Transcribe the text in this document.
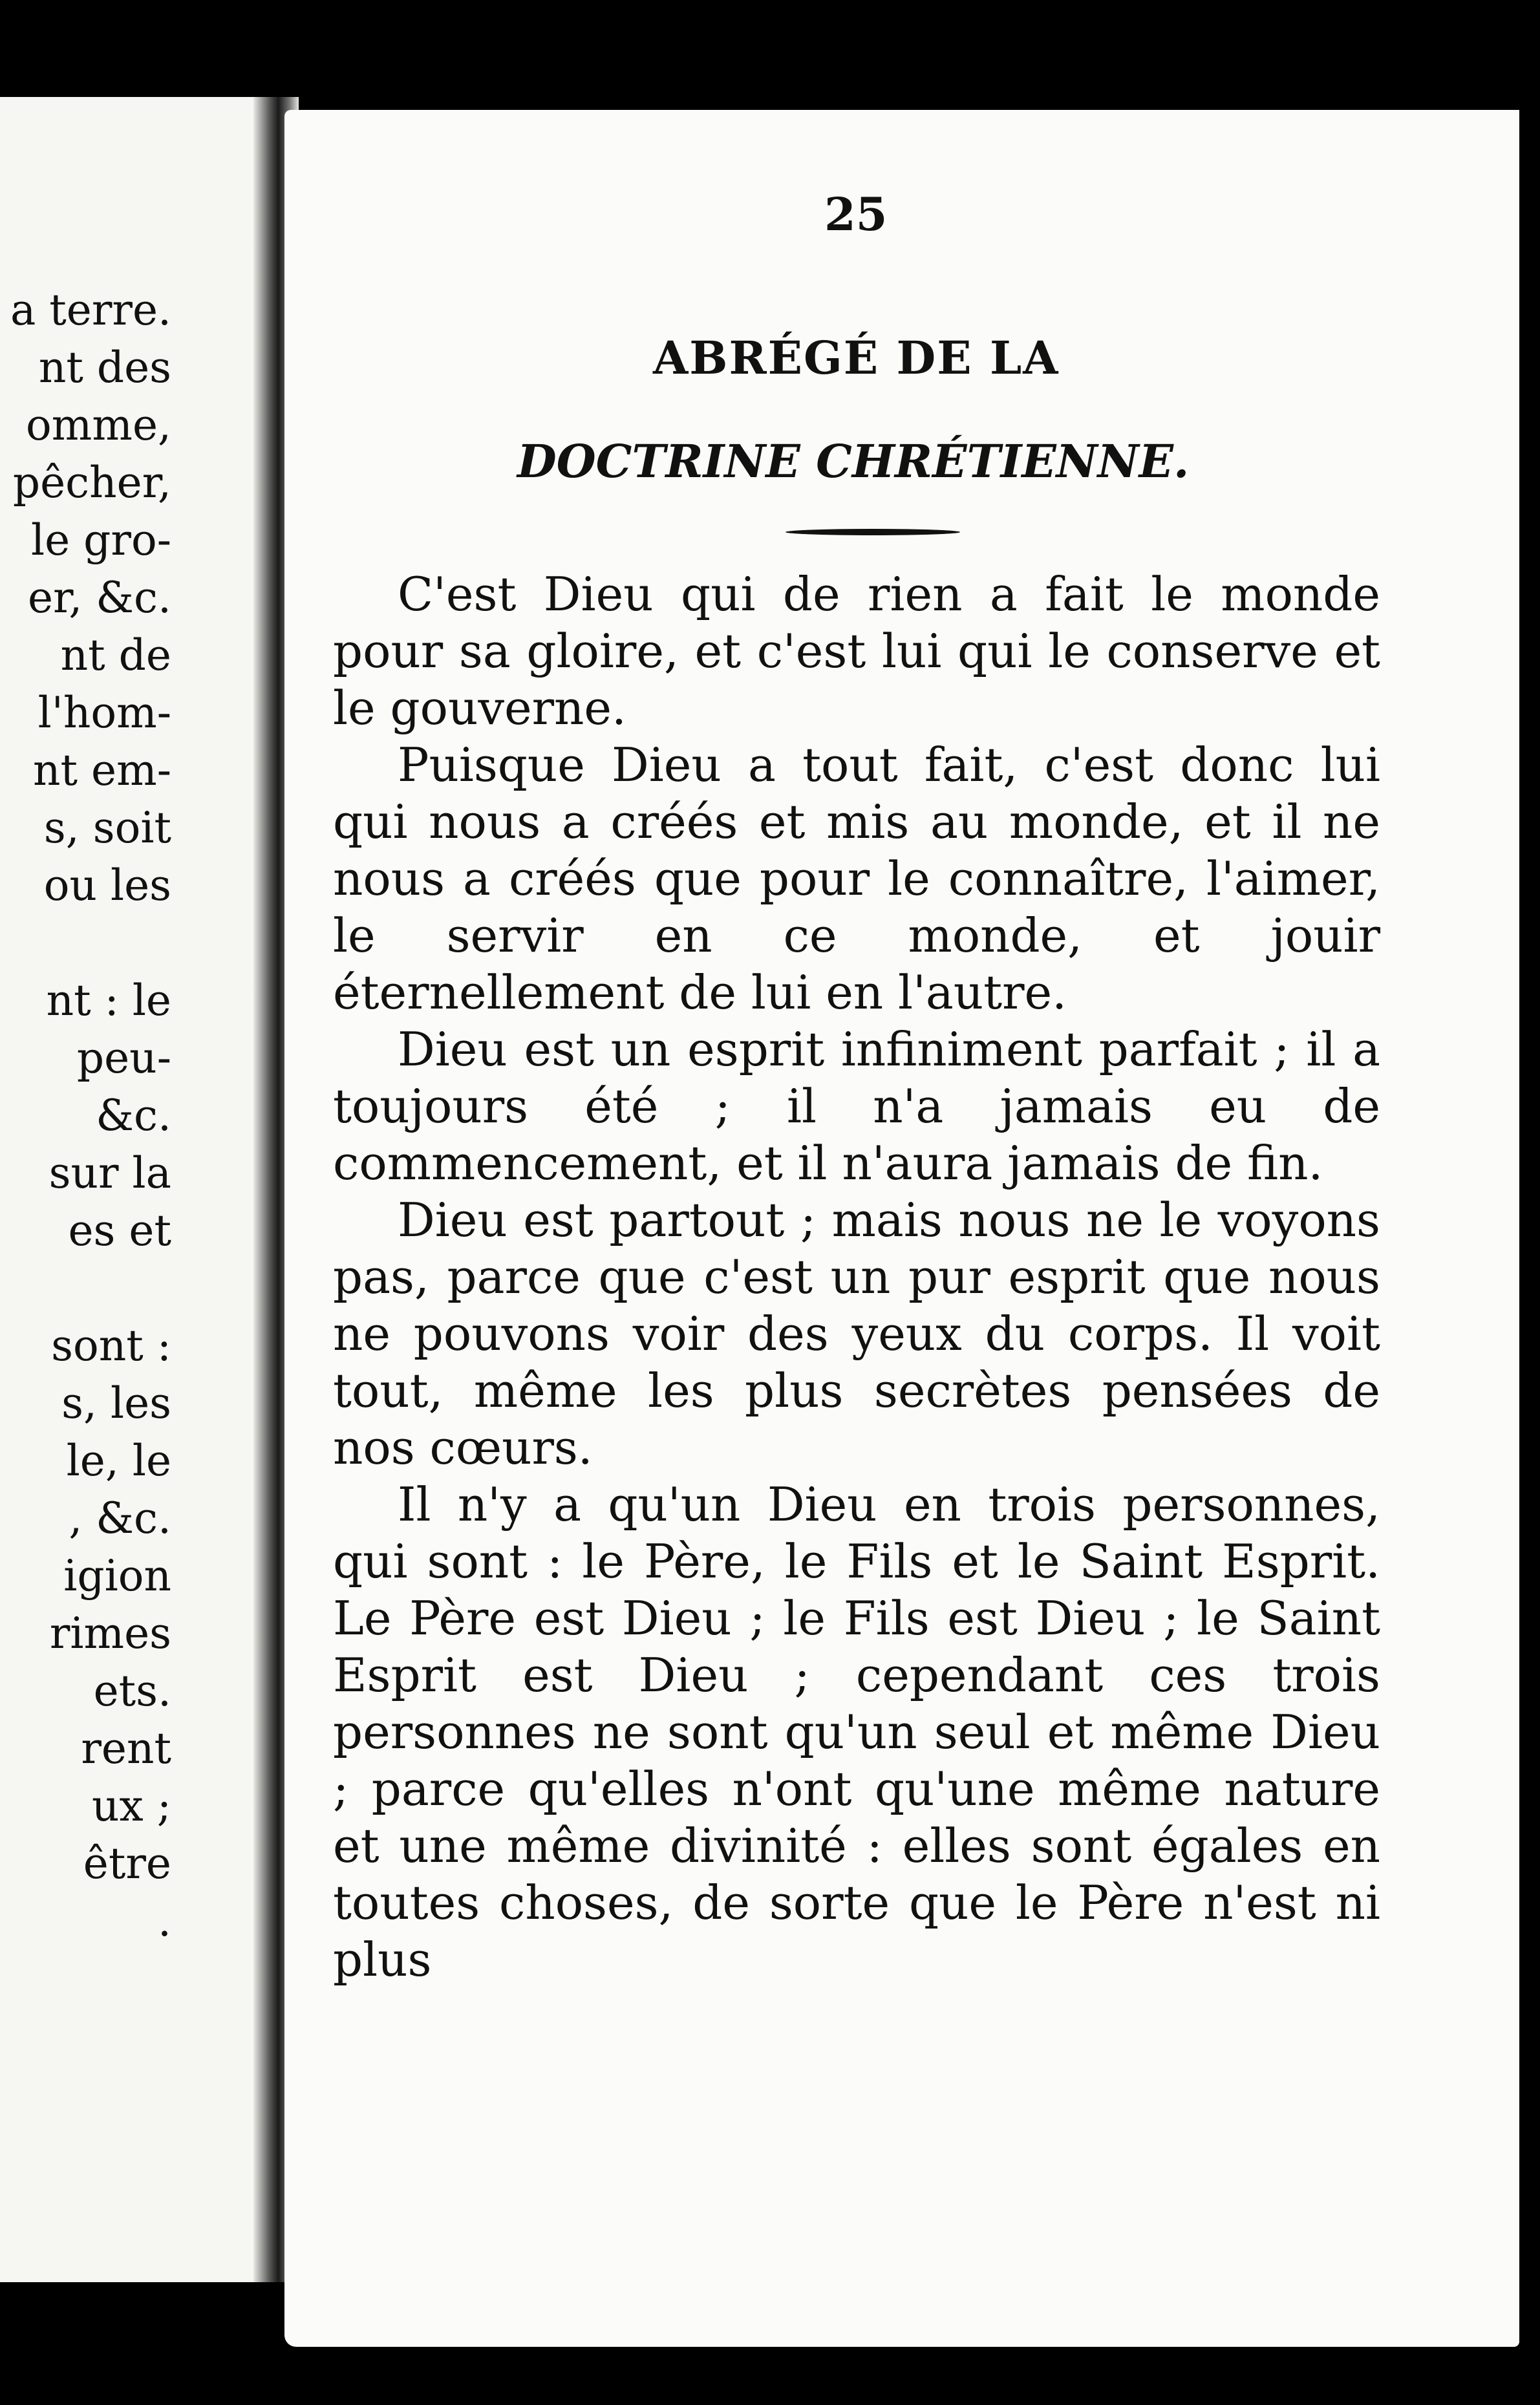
a terre.
nt des
omme,
pêcher,
le gro-
er, &c.
nt de
l'hom-
nt em-
s, soit
ou les
nt : le
peu-
&c.
sur la
es et
sont :
s, les
le, le
, &c.
igion
rimes
ets.
rent
ux ;
être
.
25
ABRÉGÉ DE LA
DOCTRINE CHRÉTIENNE.

C'est Dieu qui de rien a fait le monde pour sa gloire, et c'est lui qui le conserve et le gouverne.

Puisque Dieu a tout fait, c'est donc lui qui nous a créés et mis au monde, et il ne nous a créés que pour le connaître, l'aimer, le servir en ce monde, et jouir éternellement de lui en l'autre.

Dieu est un esprit infiniment parfait ; il a toujours été ; il n'a jamais eu de commencement, et il n'aura jamais de fin.

Dieu est partout ; mais nous ne le voyons pas, parce que c'est un pur esprit que nous ne pouvons voir des yeux du corps. Il voit tout, même les plus secrètes pensées de nos cœurs.

Il n'y a qu'un Dieu en trois personnes, qui sont : le Père, le Fils et le Saint Esprit. Le Père est Dieu ; le Fils est Dieu ; le Saint Esprit est Dieu ; cependant ces trois personnes ne sont qu'un seul et même Dieu ; parce qu'elles n'ont qu'une même nature et une même divinité : elles sont égales en toutes choses, de sorte que le Père n'est ni plus
